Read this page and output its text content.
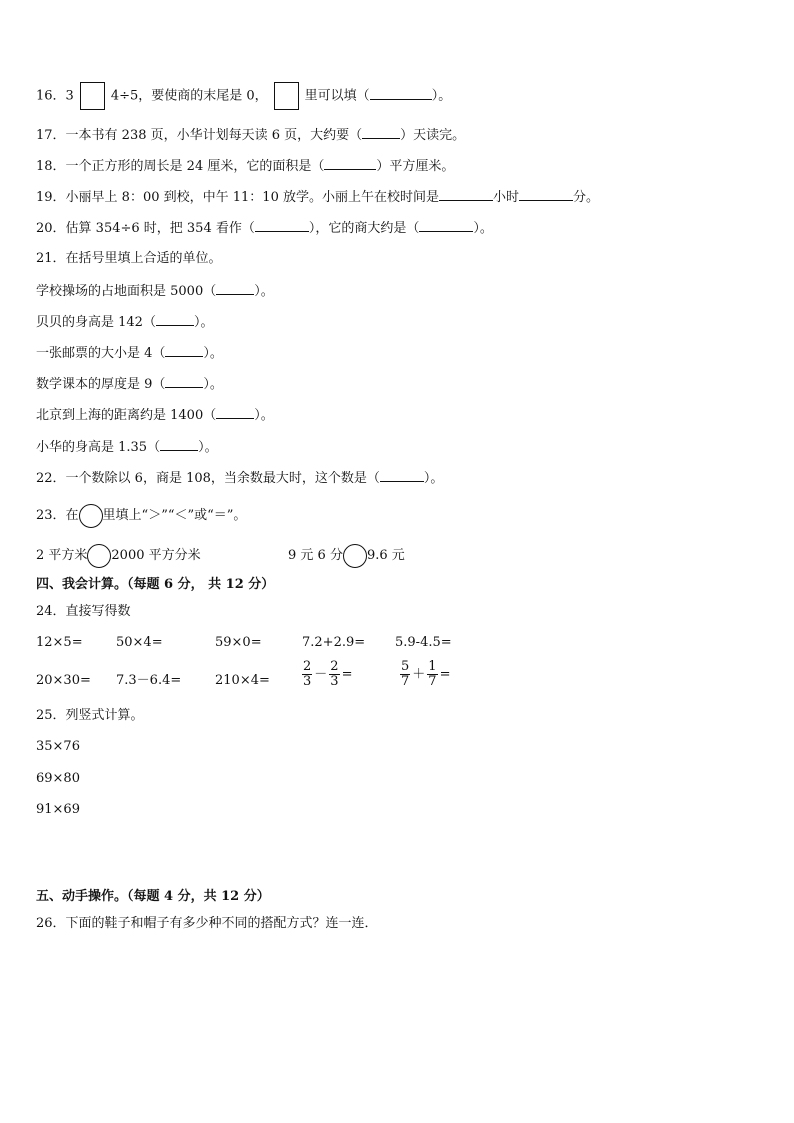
16．3	4÷5，要使商的末尾是 0，	里可以填（	）。
17．一本书有 238 页，小华计划每天读 6 页，大约要（	）天读完。
18．一个正方形的周长是 24 厘米，它的面积是（	）平方厘米。
19．小丽早上 8：00 到校，中午 11：10 放学。小丽上午在校时间是	小时	分。
20．估算 354÷6 时，把 354 看作（	），它的商大约是（	）。
21．在括号里填上合适的单位。
学校操场的占地面积是 5000（	）。
贝贝的身高是 142（	）。
一张邮票的大小是 4（	）。
数学课本的厚度是 9（	）。
北京到上海的距离约是 1400（	）。
小华的身高是 1.35（	）。
22．一个数除以 6，商是 108，当余数最大时，这个数是（	）。
23．在 里填上“＞”“＜”或“＝”。
2 平方米 2000 平方分米	9 元 6 分 9.6 元
四、我会计算。（每题 6 分， 共 12 分）
24．直接写得数
12×5=	50×4=	59×0=	7.2+2.9= 5.9-4.5=
20×30= 7.3－6.4=	$210\times 4= \frac{2}{3} - \frac{2}{3}$ =	$\frac{5}{7} + \frac{1}{7}$ =
25．列竖式计算。
35×76
69×80
91×69
五、动手操作。（每题 4 分，共 12 分）
26．下面的鞋子和帽子有多少种不同的搭配方式？连一连．
